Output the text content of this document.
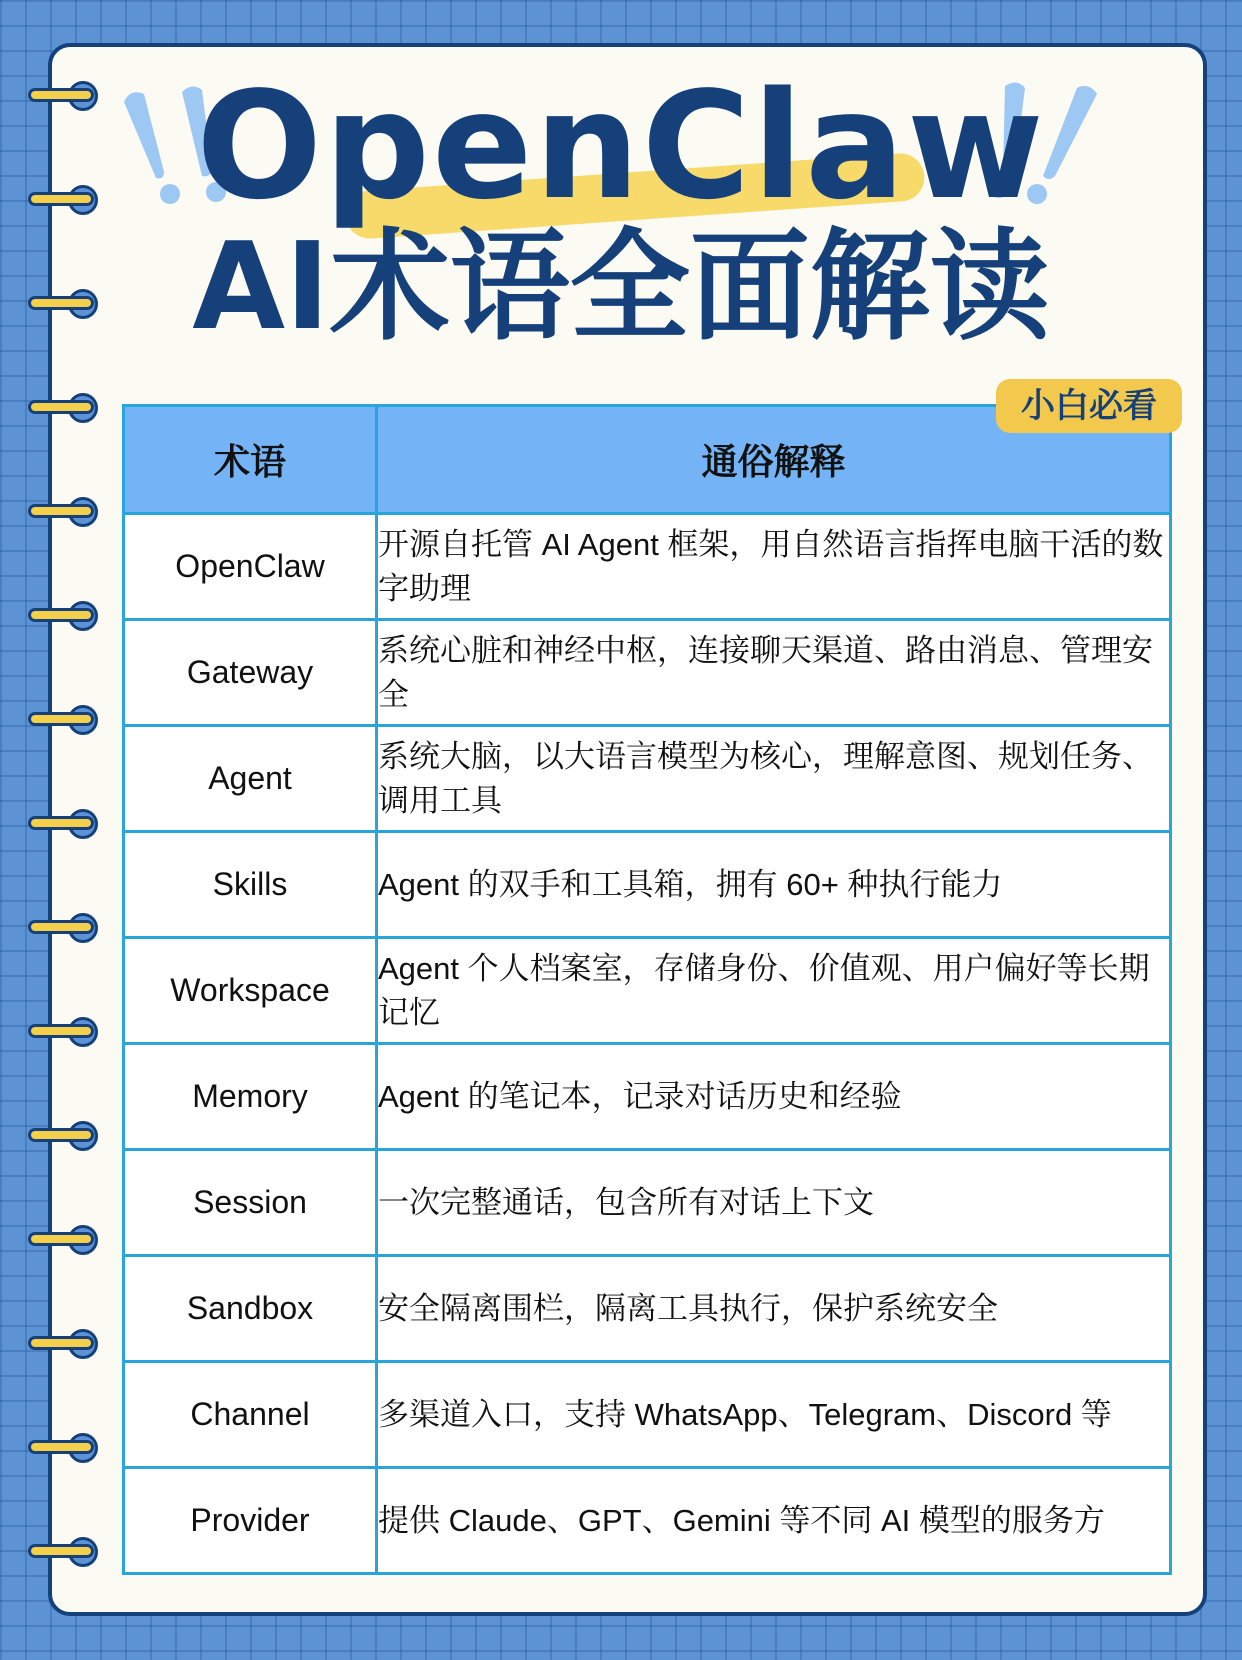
OpenClaw
AI术语全面解读
小白必看
术语	通俗解释
OpenClaw	开源自托管 AI Agent 框架，用自然语言指挥电脑干活的数字助理
Gateway	系统心脏和神经中枢，连接聊天渠道、路由消息、管理安全
Agent	系统大脑，以大语言模型为核心，理解意图、规划任务、调用工具
Skills	Agent 的双手和工具箱，拥有 60+ 种执行能力
Workspace	Agent 个人档案室，存储身份、价值观、用户偏好等长期记忆
Memory	Agent 的笔记本，记录对话历史和经验
Session	一次完整通话，包含所有对话上下文
Sandbox	安全隔离围栏，隔离工具执行，保护系统安全
Channel	多渠道入口，支持 WhatsApp、Telegram、Discord 等
Provider	提供 Claude、GPT、Gemini 等不同 AI 模型的服务方
